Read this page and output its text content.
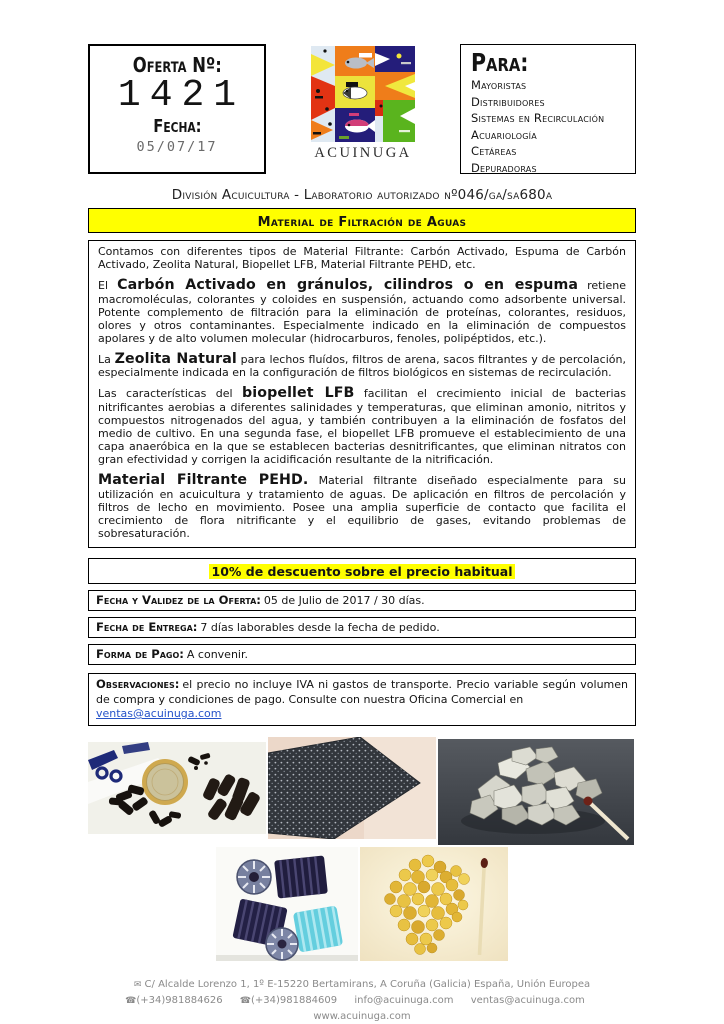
Oferta Nº:
1421
Fecha:
05/07/17	ACUINUGA
Para:
Mayoristas
Distribuidores
Sistemas en Recirculación
Acuariología
Cetáreas
Depuradoras
División Acuicultura - Laboratorio autorizado nº046/ga/sa680a
Material de Filtración de Aguas

Contamos con diferentes tipos de Material Filtrante: Carbón Activado, Espuma de Carbón Activado, Zeolita Natural, Biopellet LFB, Material Filtrante PEHD, etc.

El Carbón Activado en gránulos, cilindros o en espuma retiene macromoléculas, colorantes y coloides en suspensión, actuando como adsorbente universal. Potente complemento de filtración para la eliminación de proteínas, colorantes, residuos, olores y otros contaminantes. Especialmente indicado en la eliminación de compuestos apolares y de alto volumen molecular (hidrocarburos, fenoles, polipéptidos, etc.).

La Zeolita Natural para lechos fluídos, filtros de arena, sacos filtrantes y de percolación, especialmente indicada en la configuración de filtros biológicos en sistemas de recirculación.

Las características del biopellet LFB facilitan el crecimiento inicial de bacterias nitrificantes aerobias a diferentes salinidades y temperaturas, que eliminan amonio, nitritos y compuestos nitrogenados del agua, y también contribuyen a la eliminación de fosfatos del medio de cultivo. En una segunda fase, el biopellet LFB promueve el establecimiento de una capa anaeróbica en la que se establecen bacterias desnitrificantes, que eliminan nitratos con gran efectividad y corrigen la acidificación resultante de la nitrificación.

Material Filtrante PEHD. Material filtrante diseñado especialmente para su utilización en acuicultura y tratamiento de aguas. De aplicación en filtros de percolación y filtros de lecho en movimiento. Posee una amplia superficie de contacto que facilita el crecimiento de flora nitrificante y el equilibrio de gases, evitando problemas de sobresaturación.

10% de descuento sobre el precio habitual
Fecha y Validez de la Oferta: 05 de Julio de 2017 / 30 días.
Fecha de Entrega: 7 días laborables desde la fecha de pedido.
Forma de Pago: A convenir.
Observaciones: el precio no incluye IVA ni gastos de transporte. Precio variable según volumen de compra y condiciones de pago. Consulte con nuestra Oficina Comercial en
ventas@acuinuga.com
✉ C/ Alcalde Lorenzo 1, 1º E-15220 Bertamirans, A Coruña (Galicia) España, Unión Europea
☎(+34)981884626 ☎(+34)981884609 info@acuinuga.com ventas@acuinuga.com www.acuinuga.com
